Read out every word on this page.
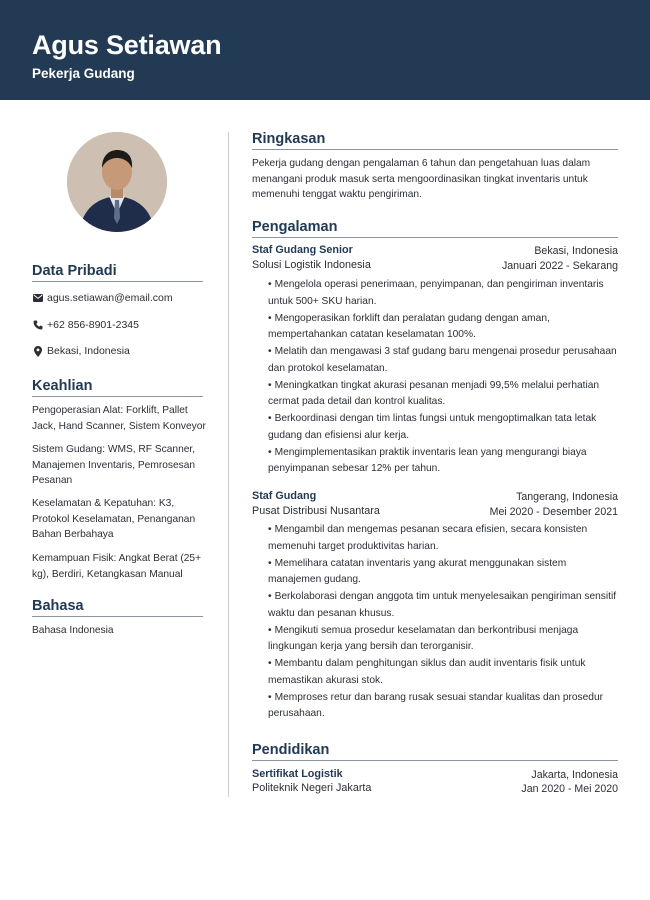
Agus Setiawan
Pekerja Gudang
Data Pribadi
agus.setiawan@email.com
+62 856-8901-2345
Bekasi, Indonesia
Keahlian
Pengoperasian Alat: Forklift, Pallet Jack, Hand Scanner, Sistem Konveyor
Sistem Gudang: WMS, RF Scanner, Manajemen Inventaris, Pemrosesan Pesanan
Keselamatan & Kepatuhan: K3, Protokol Keselamatan, Penanganan Bahan Berbahaya
Kemampuan Fisik: Angkat Berat (25+ kg), Berdiri, Ketangkasan Manual
Bahasa
Bahasa Indonesia
Ringkasan
Pekerja gudang dengan pengalaman 6 tahun dan pengetahuan luas dalam menangani produk masuk serta mengoordinasikan tingkat inventaris untuk memenuhi tenggat waktu pengiriman.
Pengalaman
Staf Gudang Senior	Bekasi, Indonesia
Solusi Logistik Indonesia	Januari 2022 - Sekarang
• Mengelola operasi penerimaan, penyimpanan, dan pengiriman inventaris untuk 500+ SKU harian.
• Mengoperasikan forklift dan peralatan gudang dengan aman, mempertahankan catatan keselamatan 100%.
• Melatih dan mengawasi 3 staf gudang baru mengenai prosedur perusahaan dan protokol keselamatan.
• Meningkatkan tingkat akurasi pesanan menjadi 99,5% melalui perhatian cermat pada detail dan kontrol kualitas.
• Berkoordinasi dengan tim lintas fungsi untuk mengoptimalkan tata letak gudang dan efisiensi alur kerja.
• Mengimplementasikan praktik inventaris lean yang mengurangi biaya penyimpanan sebesar 12% per tahun.
Staf Gudang	Tangerang, Indonesia
Pusat Distribusi Nusantara	Mei 2020 - Desember 2021
• Mengambil dan mengemas pesanan secara efisien, secara konsisten memenuhi target produktivitas harian.
• Memelihara catatan inventaris yang akurat menggunakan sistem manajemen gudang.
• Berkolaborasi dengan anggota tim untuk menyelesaikan pengiriman sensitif waktu dan pesanan khusus.
• Mengikuti semua prosedur keselamatan dan berkontribusi menjaga lingkungan kerja yang bersih dan terorganisir.
• Membantu dalam penghitungan siklus dan audit inventaris fisik untuk memastikan akurasi stok.
• Memproses retur dan barang rusak sesuai standar kualitas dan prosedur perusahaan.
Pendidikan
Sertifikat Logistik	Jakarta, Indonesia
Politeknik Negeri Jakarta	Jan 2020 - Mei 2020
